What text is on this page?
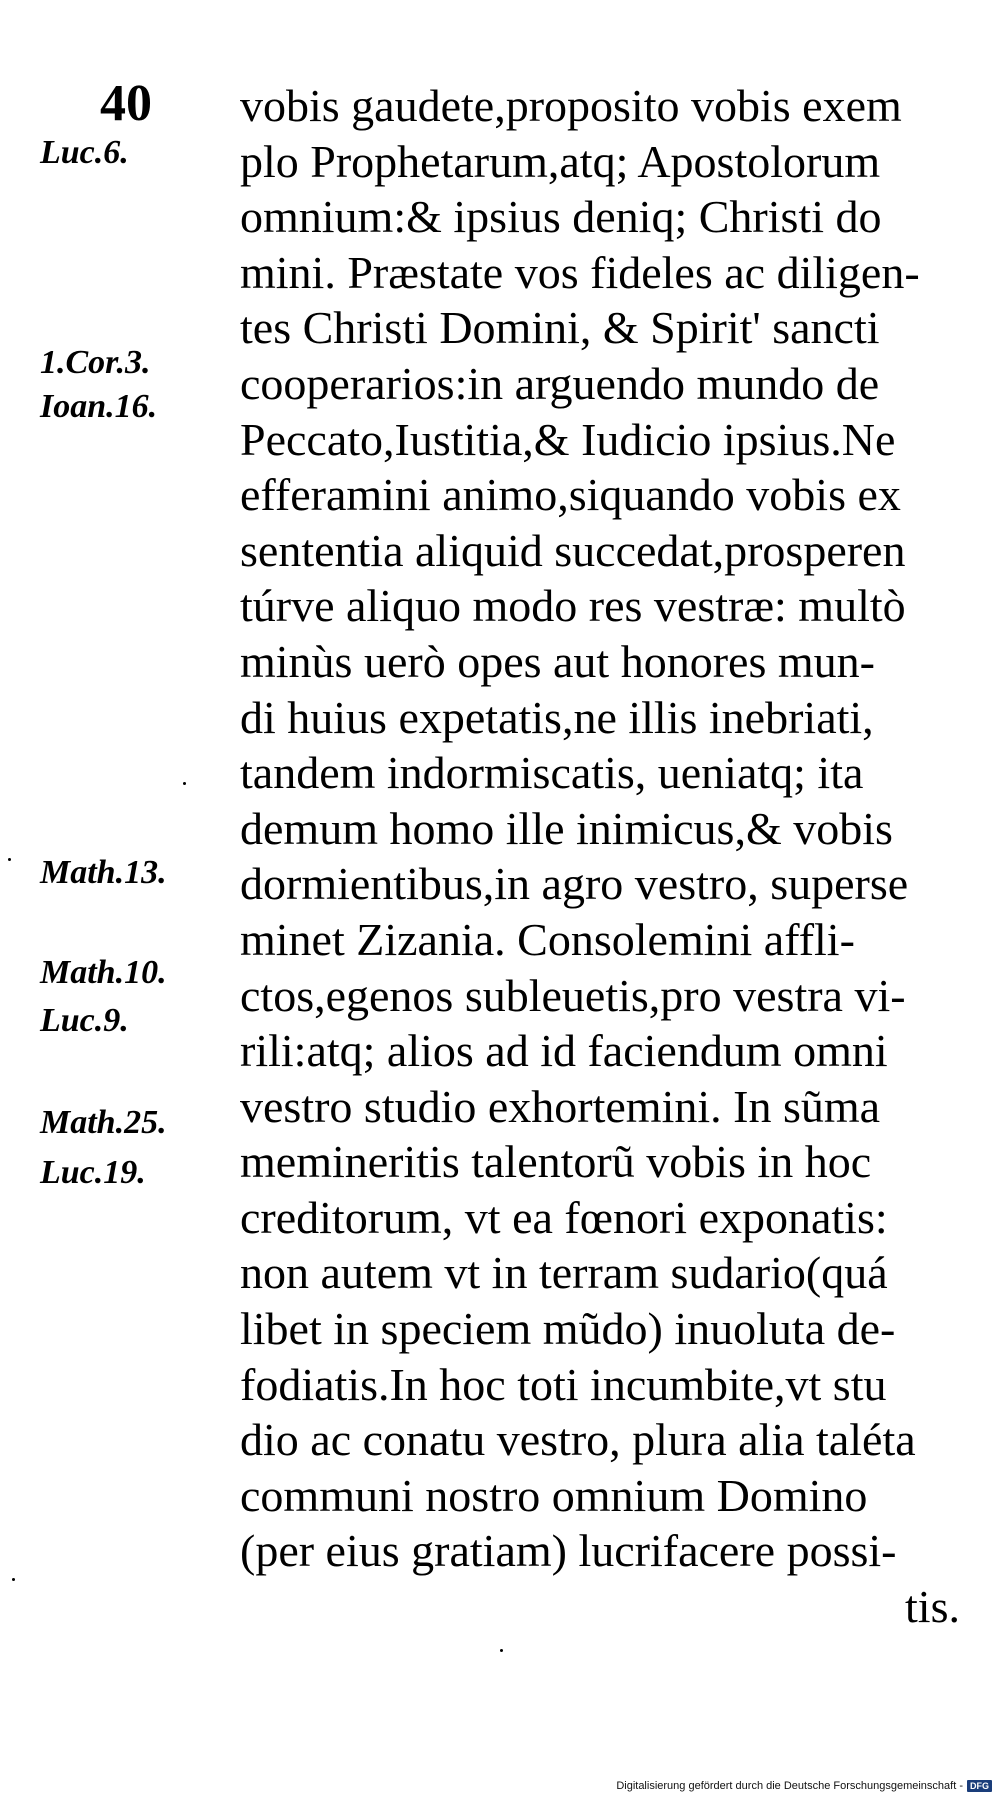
40
Luc.6.
1.Cor.3.
Ioan.16.
Math.13.
Math.10.
Luc.9.
Math.25.
Luc.19.
vobis gaudete,proposito vobis exem
plo Prophetarum,atq; Apostolorum
omnium:& ipsius deniq; Christi do
mini. Præstate vos fideles ac diligen-
tes Christi Domini, & Spirit' sancti
cooperarios:in arguendo mundo de
Peccato,Iustitia,& Iudicio ipsius.Ne
efferamini animo,siquando vobis ex
sententia aliquid succedat,prosperen
túrve aliquo modo res vestræ: multò
minùs uerò opes aut honores mun-
di huius expetatis,ne illis inebriati,
tandem indormiscatis, ueniatq; ita
demum homo ille inimicus,& vobis
dormientibus,in agro vestro, superse
minet Zizania. Consolemini affli-
ctos,egenos subleuetis,pro vestra vi-
rili:atq; alios ad id faciendum omni
vestro studio exhortemini. In sũma
memineritis talentorũ vobis in hoc
creditorum, vt ea fœnori exponatis:
non autem vt in terram sudario(quá
libet in speciem mũdo) inuoluta de-
fodiatis.In hoc toti incumbite,vt stu
dio ac conatu vestro, plura alia taléta
communi nostro omnium Domino
(per eius gratiam) lucrifacere possi-
tis.
Digitalisierung gefördert durch die Deutsche Forschungsgemeinschaft - DFG
